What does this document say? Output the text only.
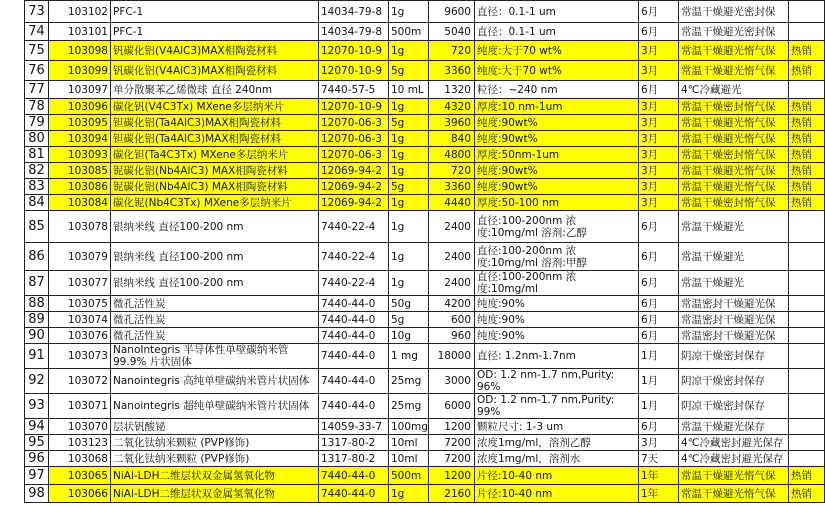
73	103102	PFC-1	14034-79-8	1g	9600	直径：0.1-1 um	6月	常温干燥避光密封保	
74	103101	PFC-1	14034-79-8	500m	5040	直径：0.1-1 um	6月	常温干燥避光密封保	
75	103098	钒碳化铝(V4AlC3)MAX相陶瓷材料	12070-10-9	1g	720	纯度:大于70 wt%	3月	常温干燥避光惰气保	热销
76	103099	钒碳化铝(V4AlC3)MAX相陶瓷材料	12070-10-9	5g	3360	纯度:大于70 wt%	3月	常温干燥避光惰气保	热销
77	103097	单分散聚苯乙烯微球 直径 240nm	7440-57-5	10 mL	1320	粒径：~240 nm	6月	4℃冷藏避光	
78	103096	碳化钒(V4C3Tx) MXene多层纳米片	12070-10-9	1g	4320	厚度:10 nm-1um	3月	常温干燥密封惰气保	热销
79	103095	钽碳化铝(Ta4AlC3)MAX相陶瓷材料	12070-06-3	5g	3960	纯度:90wt%	3月	常温干燥避光惰气保	热销
80	103094	钽碳化铝(Ta4AlC3)MAX相陶瓷材料	12070-06-3	1g	840	纯度:90wt%	3月	常温干燥避光惰气保	热销
81	103093	碳化钽(Ta4C3Tx) MXene多层纳米片	12070-06-3	1g	4800	厚度:50nm-1um	3月	常温干燥密封惰气保	热销
82	103085	铌碳化铝(Nb4AlC3) MAX相陶瓷材料	12069-94-2	1g	720	纯度:90wt%	3月	常温干燥避光惰气保	热销
83	103086	铌碳化铝(Nb4AlC3) MAX相陶瓷材料	12069-94-2	5g	3360	纯度:90wt%	3月	常温干燥避光惰气保	热销
84	103084	碳化铌(Nb4C3Tx) MXene多层纳米片	12069-94-2	1g	4440	厚度:50-100 nm	3月	常温干燥密封惰气保	热销
85	103078	银纳米线 直径100-200 nm	7440-22-4	1g	2400	直径:100-200nm 浓度:10mg/ml 溶剂:乙醇	6月	常温干燥避光	
86	103079	银纳米线 直径100-200 nm	7440-22-4	1g	2400	直径:100-200nm 浓度:10mg/ml 溶剂:甲醇	6月	常温干燥避光	
87	103077	银纳米线 直径100-200 nm	7440-22-4	1g	2400	直径:100-200nm 浓度:10mg/ml	6月	常温干燥避光	
88	103075	微孔活性炭	7440-44-0	50g	4200	纯度:90%	6月	常温密封干燥避光保	
89	103074	微孔活性炭	7440-44-0	5g	600	纯度:90%	6月	常温密封干燥避光保	
90	103076	微孔活性炭	7440-44-0	10g	960	纯度:90%	6月	常温密封干燥避光保	
91	103073	NanoIntegris 半导体性单壁碳纳米管99.9% 片状固体	7440-44-0	1 mg	18000	直径: 1.2nm-1.7nm	1月	阴凉干燥密封保存	
92	103072	Nanointegris 高纯单壁碳纳米管片状固体	7440-44-0	25mg	3000	OD: 1.2 nm-1.7 nm,Purity: 96%	1月	阴凉干燥密封保存	
93	103071	Nanointegris 超纯单壁碳纳米管片状固体	7440-44-0	25mg	6000	OD: 1.2 nm-1.7 nm,Purity: 99%	1月	阴凉干燥密封保存	
94	103070	层状钒酸铋	14059-33-7	100mg	1200	颗粒尺寸: 1-3 um	6月	常温干燥避光保存	
95	103123	二氧化钛纳米颗粒 (PVP修饰)	1317-80-2	10ml	7200	浓度1mg/ml，溶剂乙醇	3月	4℃冷藏密封避光保存	
96	103068	二氧化钛纳米颗粒 (PVP修饰)	1317-80-2	10ml	7200	浓度1mg/ml，溶剂水	7天	4℃冷藏密封避光保存	
97	103065	NiAl-LDH二维层状双金属氢氧化物	7440-44-0	500m	1200	片径:10-40 nm	1年	常温干燥避光惰气保	热销
98	103066	NiAl-LDH二维层状双金属氢氧化物	7440-44-0	1g	2160	片径:10-40 nm	1年	常温干燥避光惰气保	热销
